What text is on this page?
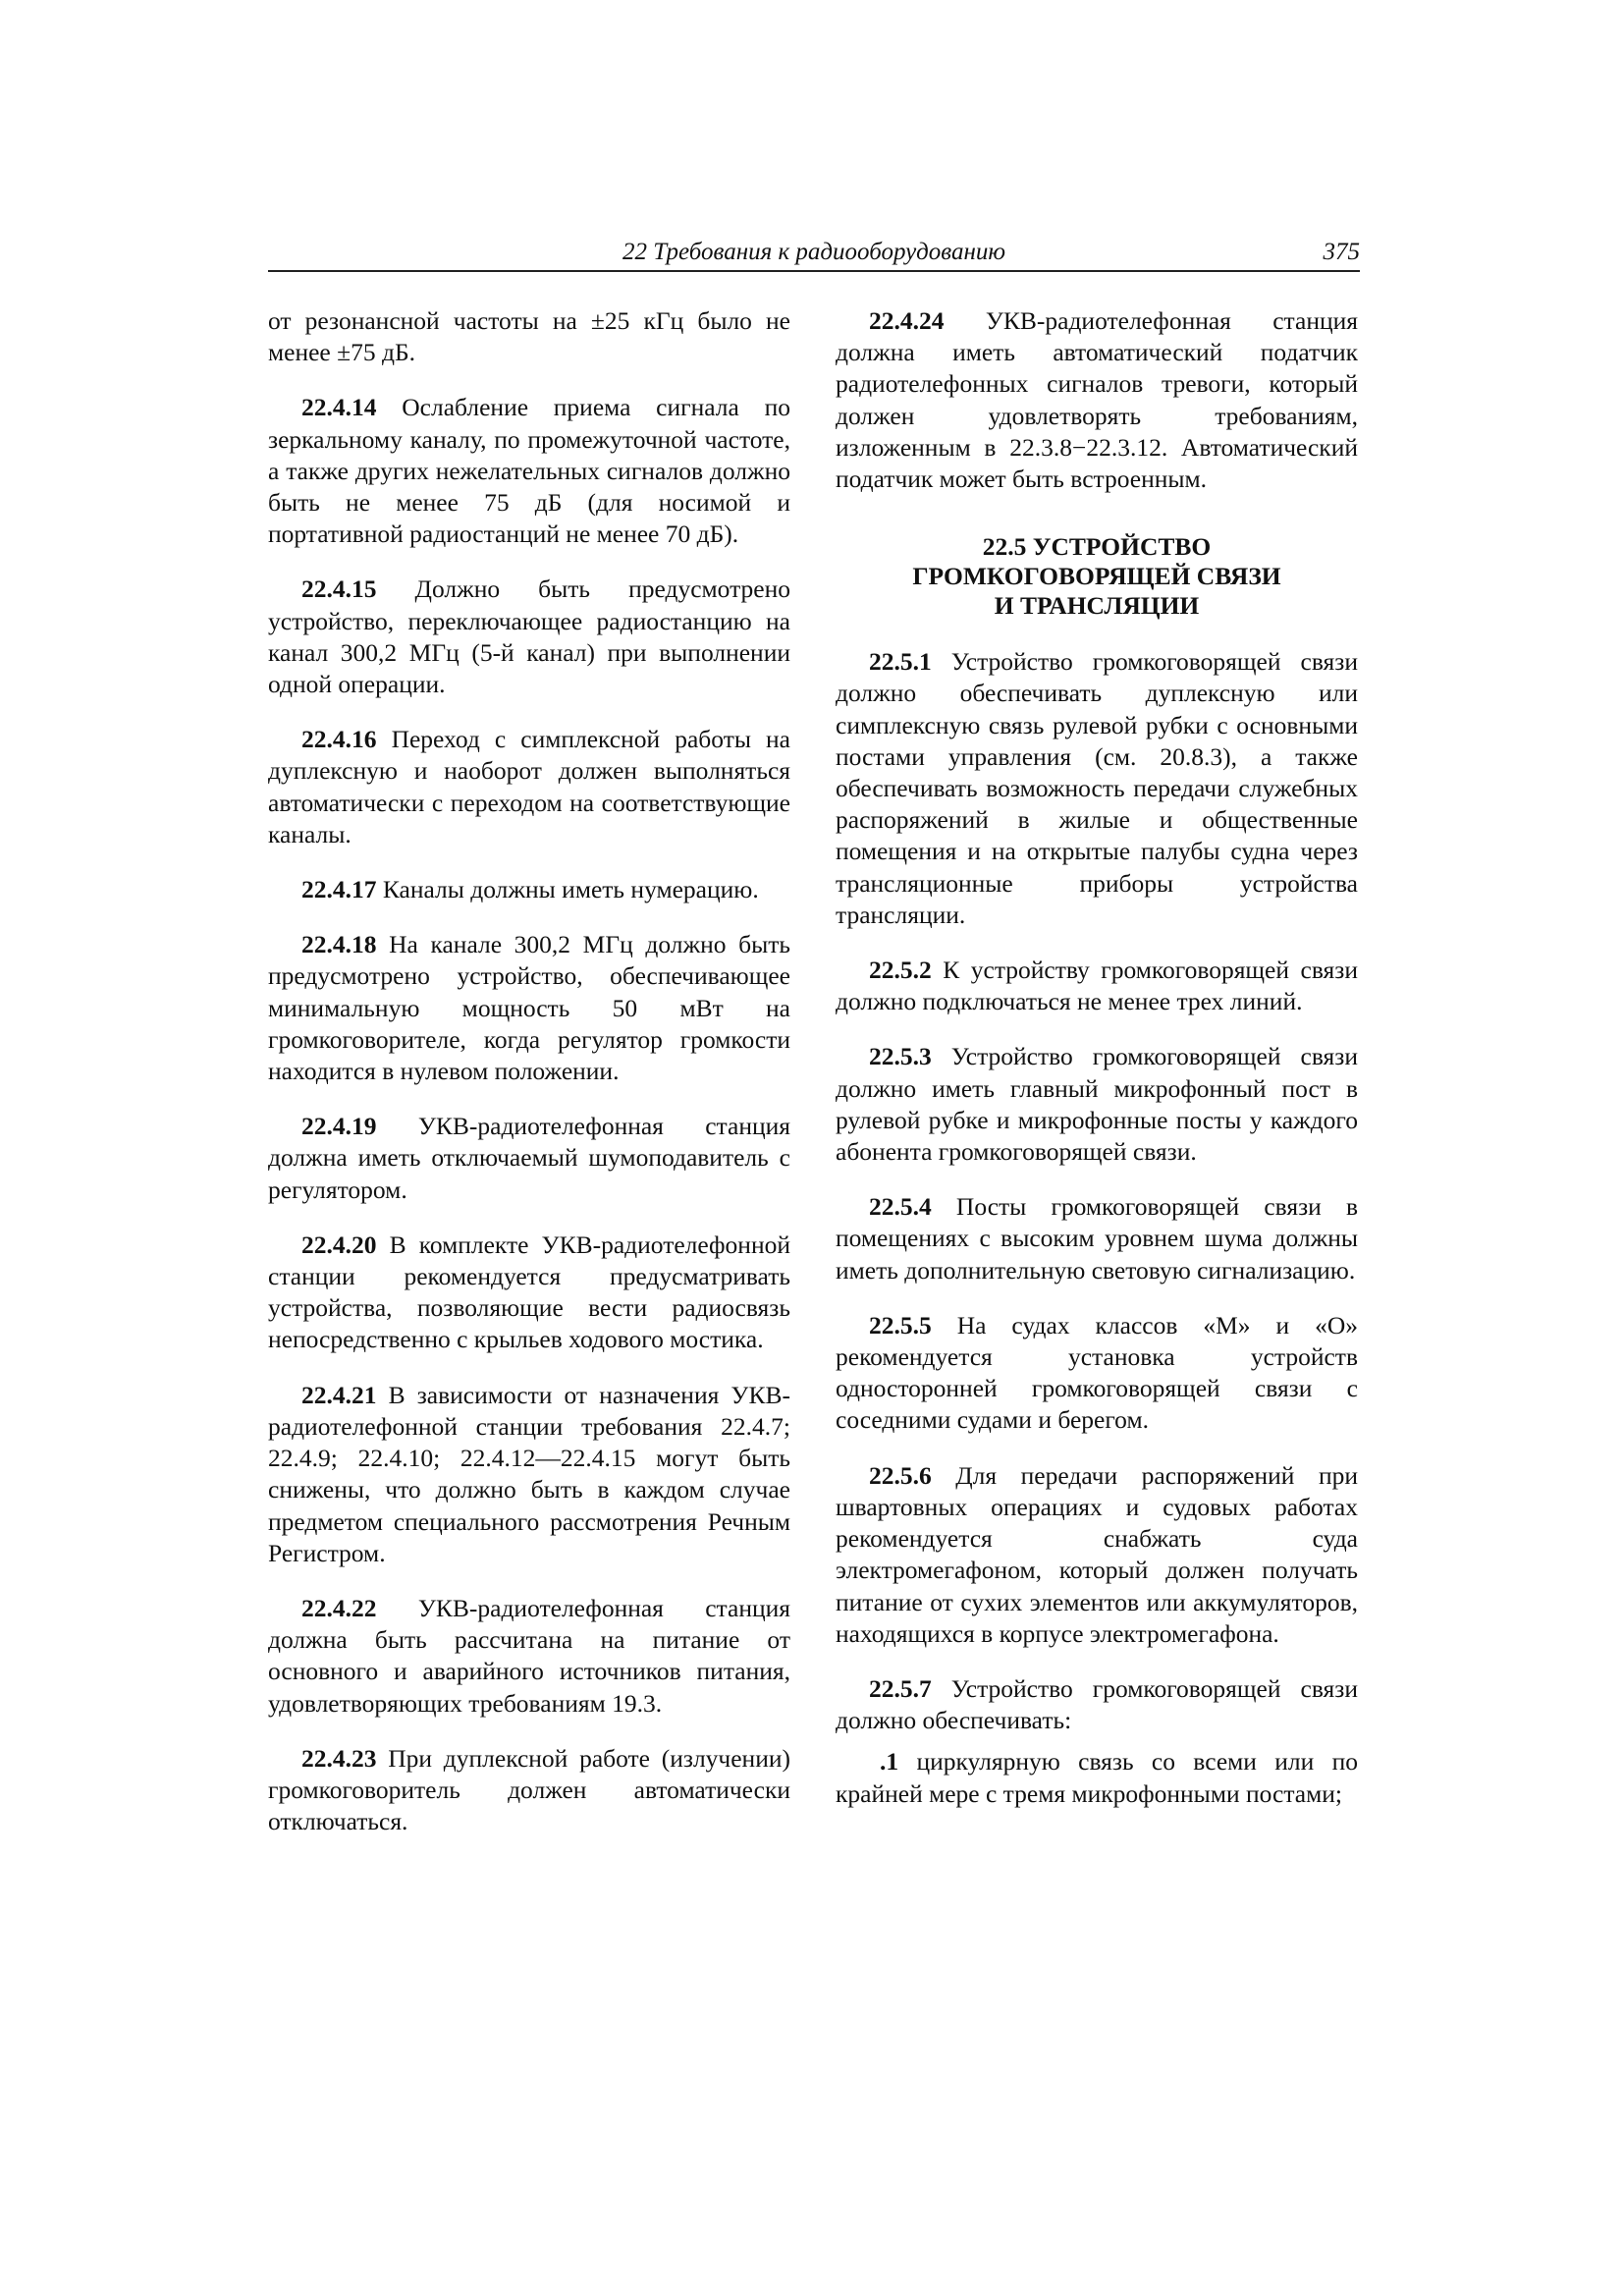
22 Требования к радиооборудованию	375

от резонансной частоты на ±25 кГц было не менее ±75 дБ.

22.4.14 Ослабление приема сигнала по зеркальному каналу, по промежуточной частоте, а также других нежелательных сигналов должно быть не менее 75 дБ (для носимой и портативной радиостанций не менее 70 дБ).

22.4.15 Должно быть предусмотрено устройство, переключающее радиостанцию на канал 300,2 МГц (5-й канал) при выполнении одной операции.

22.4.16 Переход с симплексной работы на дуплексную и наоборот должен выполняться автоматически с переходом на соответствующие каналы.

22.4.17 Каналы должны иметь нумерацию.

22.4.18 На канале 300,2 МГц должно быть предусмотрено устройство, обеспечивающее минимальную мощность 50 мВт на громкоговорителе, когда регулятор громкости находится в нулевом положении.

22.4.19 УКВ-радиотелефонная станция должна иметь отключаемый шумоподавитель с регулятором.

22.4.20 В комплекте УКВ-радиотелефонной станции рекомендуется предусматривать устройства, позволяющие вести радиосвязь непосредственно с крыльев ходового мостика.

22.4.21 В зависимости от назначения УКВ-радиотелефонной станции требования 22.4.7; 22.4.9; 22.4.10; 22.4.12—22.4.15 могут быть снижены, что должно быть в каждом случае предметом специального рассмотрения Речным Регистром.

22.4.22 УКВ-радиотелефонная станция должна быть рассчитана на питание от основного и аварийного источников питания, удовлетворяющих требованиям 19.3.

22.4.23 При дуплексной работе (излучении) громкоговоритель должен автоматически отключаться.

22.4.24 УКВ-радиотелефонная станция должна иметь автоматический податчик радиотелефонных сигналов тревоги, который должен удовлетворять требованиям, изложенным в 22.3.8−22.3.12. Автоматический податчик может быть встроенным.

22.5 УСТРОЙСТВО
ГРОМКОГОВОРЯЩЕЙ СВЯЗИ
И ТРАНСЛЯЦИИ

22.5.1 Устройство громкоговорящей связи должно обеспечивать дуплексную или симплексную связь рулевой рубки с основными постами управления (см. 20.8.3), а также обеспечивать возможность передачи служебных распоряжений в жилые и общественные помещения и на открытые палубы судна через трансляционные приборы устройства трансляции.

22.5.2 К устройству громкоговорящей связи должно подключаться не менее трех линий.

22.5.3 Устройство громкоговорящей связи должно иметь главный микрофонный пост в рулевой рубке и микрофонные посты у каждого абонента громкоговорящей связи.

22.5.4 Посты громкоговорящей связи в помещениях с высоким уровнем шума должны иметь дополнительную световую сигнализацию.

22.5.5 На судах классов «М» и «О» рекомендуется установка устройств односторонней громкоговорящей связи с соседними судами и берегом.

22.5.6 Для передачи распоряжений при швартовных операциях и судовых работах рекомендуется снабжать суда электромегафоном, который должен получать питание от сухих элементов или аккумуляторов, находящихся в корпусе электромегафона.

22.5.7 Устройство громкоговорящей связи должно обеспечивать:

.1 циркулярную связь со всеми или по крайней мере с тремя микрофонными постами;
